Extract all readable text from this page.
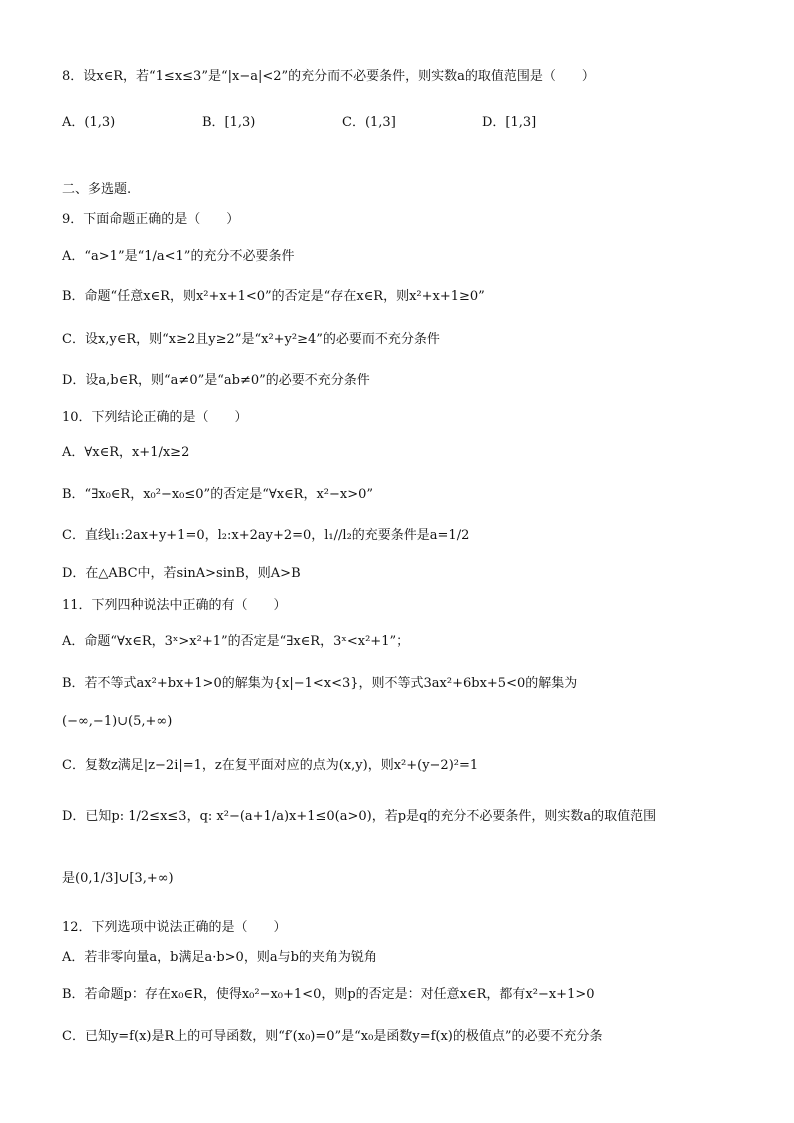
8．设x∈R，若“1≤x≤3”是“|x−a|<2”的充分而不必要条件，则实数a的取值范围是（　　）
A．(1,3)	B．[1,3)	C．(1,3]	D．[1,3]
二、多选题.
9．下面命题正确的是（　　）
A．“a>1”是“1/a<1”的充分不必要条件
B．命题“任意x∈R，则x²+x+1<0”的否定是“存在x∈R，则x²+x+1≥0”
C．设x,y∈R，则“x≥2且y≥2”是“x²+y²≥4”的必要而不充分条件
D．设a,b∈R，则“a≠0”是“ab≠0”的必要不充分条件
10．下列结论正确的是（　　）
A．∀x∈R，x+1/x≥2
B．“∃x₀∈R，x₀²−x₀≤0”的否定是“∀x∈R，x²−x>0”
C．直线l₁:2ax+y+1=0，l₂:x+2ay+2=0，l₁//l₂的充要条件是a=1/2
D．在△ABC中，若sinA>sinB，则A>B
11．下列四种说法中正确的有（　　）
A．命题“∀x∈R，3ˣ>x²+1”的否定是“∃x∈R，3ˣ<x²+1”；
B．若不等式ax²+bx+1>0的解集为{x|−1<x<3}，则不等式3ax²+6bx+5<0的解集为
(−∞,−1)∪(5,+∞)
C．复数z满足|z−2i|=1，z在复平面对应的点为(x,y)，则x²+(y−2)²=1
D．已知p: 1/2≤x≤3，q: x²−(a+1/a)x+1≤0(a>0)，若p是q的充分不必要条件，则实数a的取值范围
是(0,1/3]∪[3,+∞)
12．下列选项中说法正确的是（　　）
A．若非零向量a，b满足a·b>0，则a与b的夹角为锐角
B．若命题p：存在x₀∈R，使得x₀²−x₀+1<0，则p的否定是：对任意x∈R，都有x²−x+1>0
C．已知y=f(x)是R上的可导函数，则“f′(x₀)=0”是“x₀是函数y=f(x)的极值点”的必要不充分条
